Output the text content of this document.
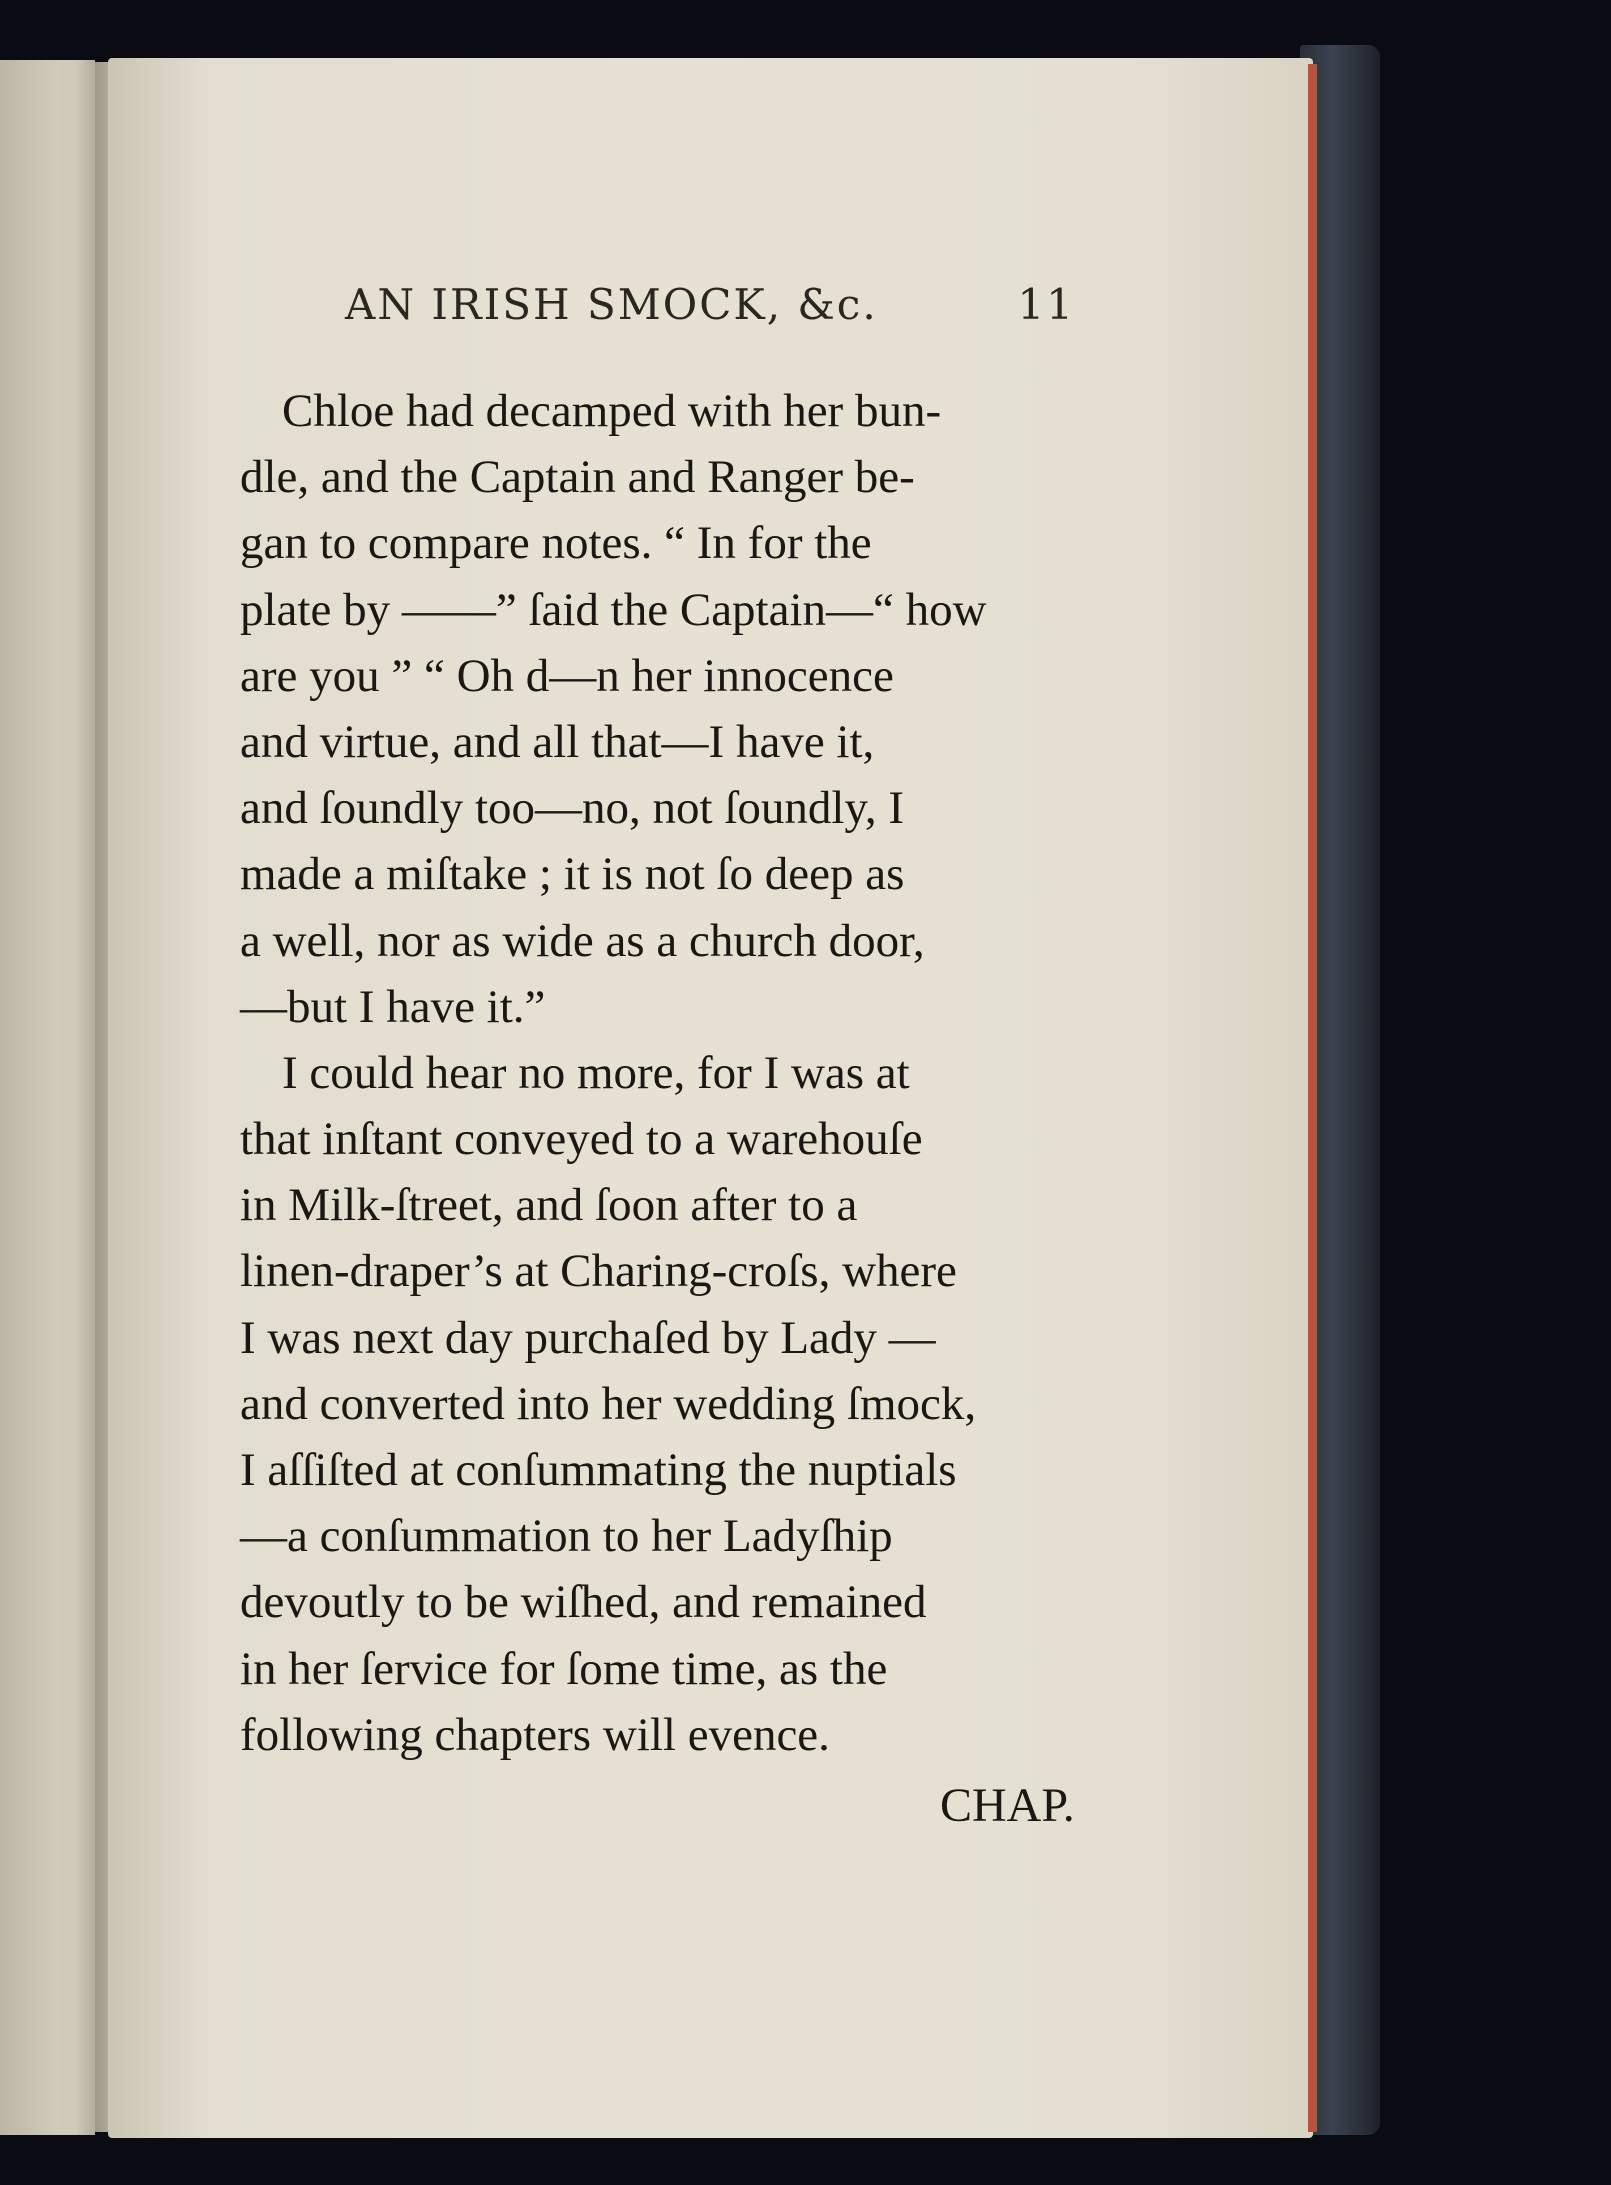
AN IRISH SMOCK, &c.	11
Chloe had decamped with her bun-
dle, and the Captain and Ranger be-
gan to compare notes. “ In for the
plate by ——” ſaid the Captain—“ how
are you ” “ Oh d—n her innocence
and virtue, and all that—I have it,
and ſoundly too—no, not ſoundly, I
made a miſtake ; it is not ſo deep as
a well, nor as wide as a church door,
—but I have it.”
I could hear no more, for I was at
that inſtant conveyed to a warehouſe
in Milk-ſtreet, and ſoon after to a
linen-draper’s at Charing-croſs, where
I was next day purchaſed by Lady —
and converted into her wedding ſmock,
I aſſiſted at conſummating the nuptials
—a conſummation to her Ladyſhip
devoutly to be wiſhed, and remained
in her ſervice for ſome time, as the
following chapters will evence.
CHAP.
